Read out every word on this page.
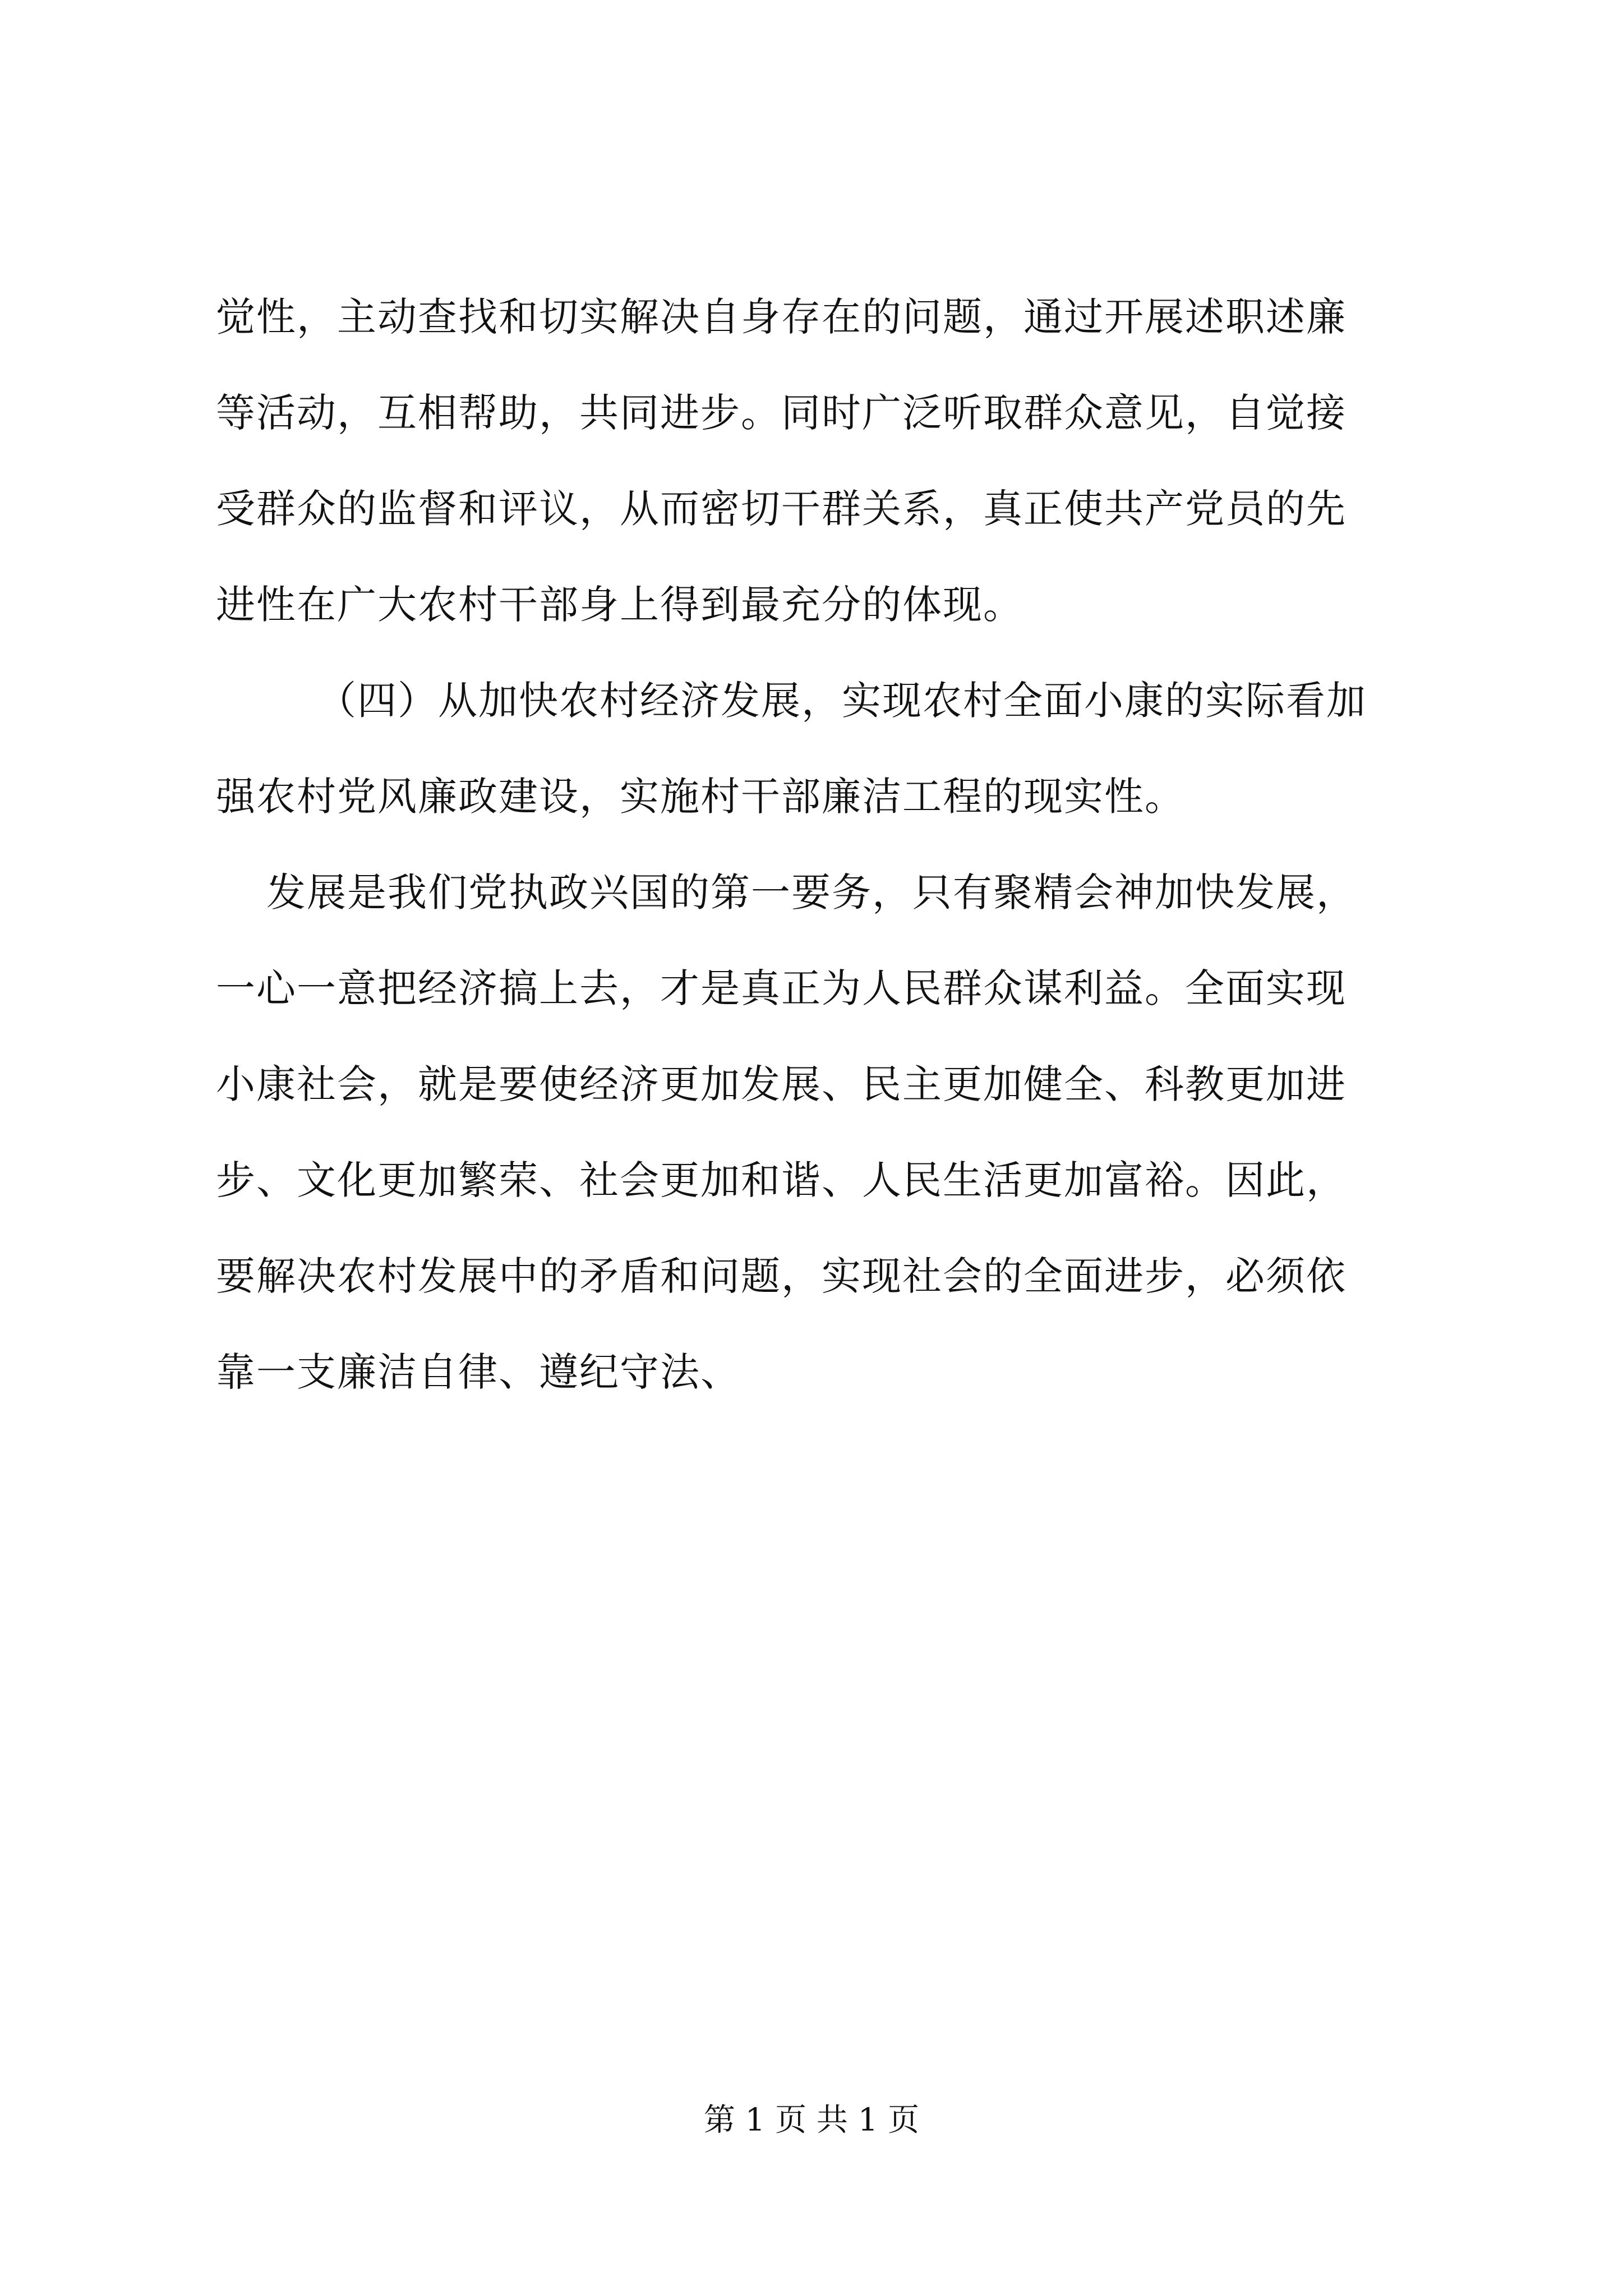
觉性，主动查找和切实解决自身存在的问题，通过开展述职述廉
等活动，互相帮助，共同进步。同时广泛听取群众意见，自觉接
受群众的监督和评议，从而密切干群关系，真正使共产党员的先
进性在广大农村干部身上得到最充分的体现。
（四）从加快农村经济发展，实现农村全面小康的实际看加
强农村党风廉政建设，实施村干部廉洁工程的现实性。
发展是我们党执政兴国的第一要务，只有聚精会神加快发展，
一心一意把经济搞上去，才是真正为人民群众谋利益。全面实现
小康社会，就是要使经济更加发展、民主更加健全、科教更加进
步、文化更加繁荣、社会更加和谐、人民生活更加富裕。因此，
要解决农村发展中的矛盾和问题，实现社会的全面进步，必须依
靠一支廉洁自律、遵纪守法、
第 1 页 共 1 页
